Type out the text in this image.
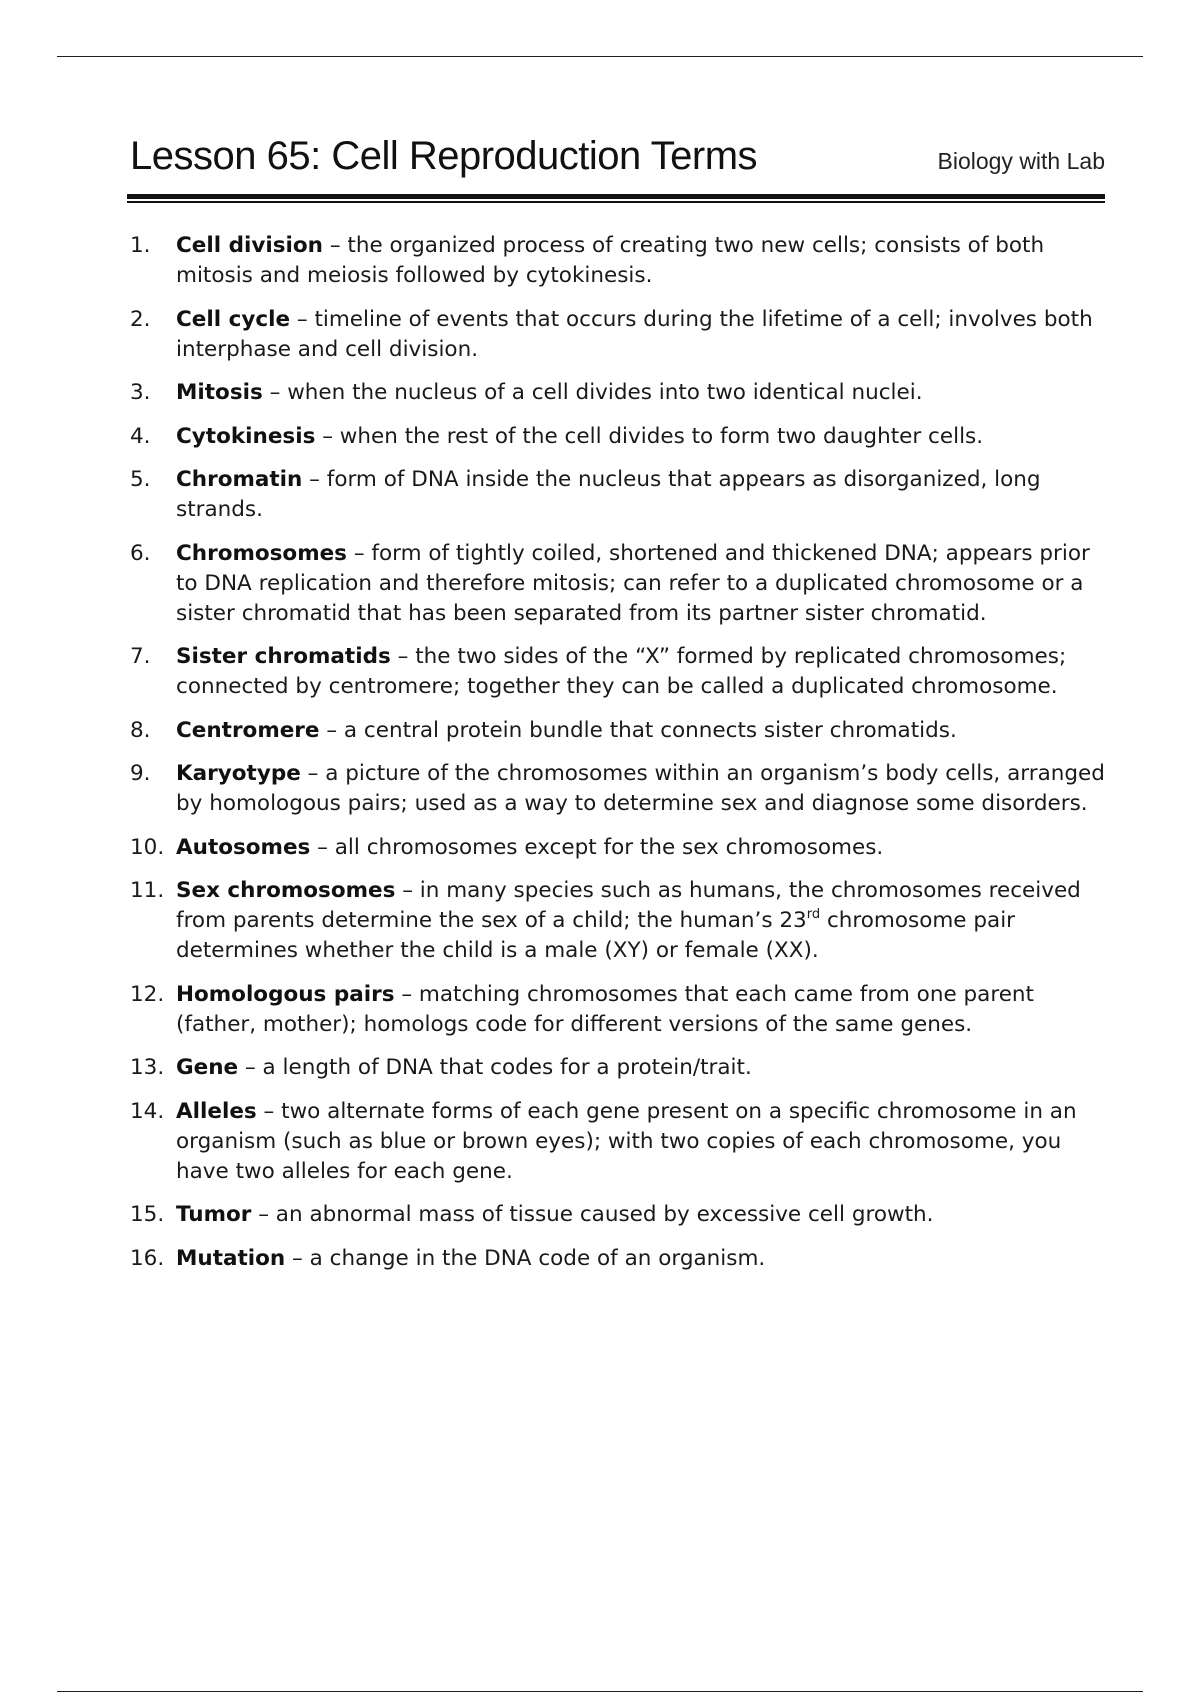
Lesson 65: Cell Reproduction Terms	Biology with Lab
1.	Cell division – the organized process of creating two new cells; consists of both mitosis and meiosis followed by cytokinesis.
2.	Cell cycle – timeline of events that occurs during the lifetime of a cell; involves both interphase and cell division.
3.	Mitosis – when the nucleus of a cell divides into two identical nuclei.
4.	Cytokinesis – when the rest of the cell divides to form two daughter cells.
5.	Chromatin – form of DNA inside the nucleus that appears as disorganized, long strands.
6.	Chromosomes – form of tightly coiled, shortened and thickened DNA; appears prior to DNA replication and therefore mitosis; can refer to a duplicated chromosome or a sister chromatid that has been separated from its partner sister chromatid.
7.	Sister chromatids – the two sides of the “X” formed by replicated chromosomes; connected by centromere; together they can be called a duplicated chromosome.
8.	Centromere – a central protein bundle that connects sister chromatids.
9.	Karyotype – a picture of the chromosomes within an organism’s body cells, arranged by homologous pairs; used as a way to determine sex and diagnose some disorders.
10. Autosomes – all chromosomes except for the sex chromosomes.
11. Sex chromosomes – in many species such as humans, the chromosomes received from parents determine the sex of a child; the human’s 23rd chromosome pair determines whether the child is a male (XY) or female (XX).
12. Homologous pairs – matching chromosomes that each came from one parent (father, mother); homologs code for different versions of the same genes.
13. Gene – a length of DNA that codes for a protein/trait.
14. Alleles – two alternate forms of each gene present on a specific chromosome in an organism (such as blue or brown eyes); with two copies of each chromosome, you have two alleles for each gene.
15. Tumor – an abnormal mass of tissue caused by excessive cell growth.
16. Mutation – a change in the DNA code of an organism.
